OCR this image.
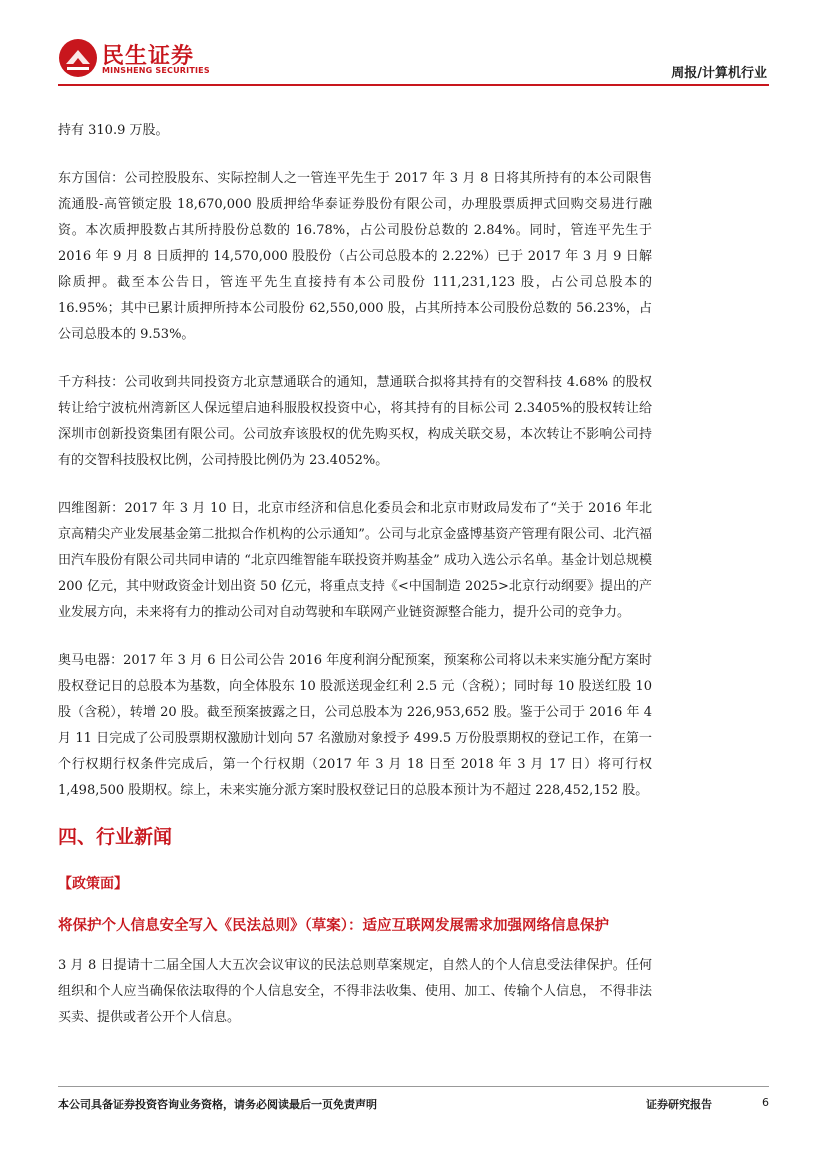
民生证券
MINSHENG SECURITIES	周报/计算机行业

持有 310.9 万股。

东方国信：公司控股股东、实际控制人之一管连平先生于 2017 年 3 月 8 日将其所持有的本公司限售流通股-高管锁定股 18,670,000 股质押给华泰证券股份有限公司，办理股票质押式回购交易进行融资。本次质押股数占其所持股份总数的 16.78%，占公司股份总数的 2.84%。同时，管连平先生于 2016 年 9 月 8 日质押的 14,570,000 股股份（占公司总股本的 2.22%）已于 2017 年 3 月 9 日解除质押。截至本公告日，管连平先生直接持有本公司股份 111,231,123 股，占公司总股本的 16.95%；其中已累计质押所持本公司股份 62,550,000 股，占其所持本公司股份总数的 56.23%，占公司总股本的 9.53%。

千方科技：公司收到共同投资方北京慧通联合的通知，慧通联合拟将其持有的交智科技 4.68% 的股权转让给宁波杭州湾新区人保远望启迪科服股权投资中心，将其持有的目标公司 2.3405%的股权转让给深圳市创新投资集团有限公司。公司放弃该股权的优先购买权，构成关联交易，本次转让不影响公司持有的交智科技股权比例，公司持股比例仍为 23.4052%。

四维图新：2017 年 3 月 10 日，北京市经济和信息化委员会和北京市财政局发布了“关于 2016 年北京高精尖产业发展基金第二批拟合作机构的公示通知”。公司与北京金盛博基资产管理有限公司、北汽福田汽车股份有限公司共同申请的 “北京四维智能车联投资并购基金” 成功入选公示名单。基金计划总规模 200 亿元，其中财政资金计划出资 50 亿元，将重点支持《<中国制造 2025>北京行动纲要》提出的产业发展方向，未来将有力的推动公司对自动驾驶和车联网产业链资源整合能力，提升公司的竞争力。

奥马电器：2017 年 3 月 6 日公司公告 2016 年度利润分配预案，预案称公司将以未来实施分配方案时股权登记日的总股本为基数，向全体股东 10 股派送现金红利 2.5 元（含税）；同时每 10 股送红股 10 股（含税），转增 20 股。截至预案披露之日，公司总股本为 226,953,652 股。鉴于公司于 2016 年 4 月 11 日完成了公司股票期权激励计划向 57 名激励对象授予 499.5 万份股票期权的登记工作，在第一个行权期行权条件完成后，第一个行权期（2017 年 3 月 18 日至 2018 年 3 月 17 日）将可行权 1,498,500 股期权。综上，未来实施分派方案时股权登记日的总股本预计为不超过 228,452,152 股。

四、行业新闻
【政策面】
将保护个人信息安全写入《民法总则》（草案）：适应互联网发展需求加强网络信息保护

3 月 8 日提请十二届全国人大五次会议审议的民法总则草案规定，自然人的个人信息受法律保护。任何组织和个人应当确保依法取得的个人信息安全，不得非法收集、使用、加工、传输个人信息， 不得非法买卖、提供或者公开个人信息。

本公司具备证券投资咨询业务资格，请务必阅读最后一页免责声明	证券研究报告	6
